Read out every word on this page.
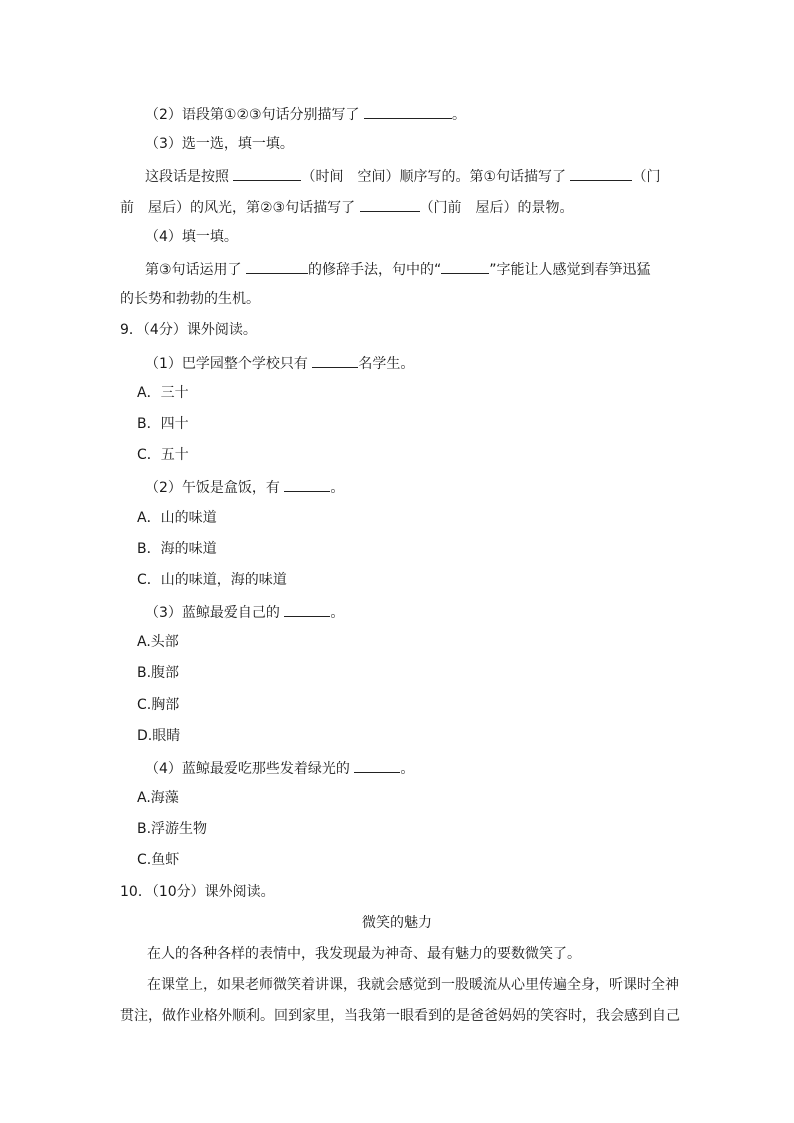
（2）语段第①②③句话分别描写了	。
（3）选一选，填一填。
这段话是按照	（时间　空间）顺序写的。第①句话描写了	（门
前　屋后）的风光，第②③句话描写了	（门前　屋后）的景物。
（4）填一填。
第③句话运用了	的修辞手法，句中的“	”字能让人感觉到春笋迅猛
的长势和勃勃的生机。
9．（4分）课外阅读。
（1）巴学园整个学校只有	名学生。
A．三十
B．四十
C．五十
（2）午饭是盒饭，有	。
A．山的味道
B．海的味道
C．山的味道，海的味道
（3）蓝鲸最爱自己的	。
A.头部
B.腹部
C.胸部
D.眼睛
（4）蓝鲸最爱吃那些发着绿光的	。
A.海藻
B.浮游生物
C.鱼虾
10．（10分）课外阅读。
微笑的魅力
在人的各种各样的表情中，我发现最为神奇、最有魅力的要数微笑了。
在课堂上，如果老师微笑着讲课，我就会感觉到一股暖流从心里传遍全身，听课时全神
贯注，做作业格外顺利。回到家里，当我第一眼看到的是爸爸妈妈的笑容时，我会感到自己
